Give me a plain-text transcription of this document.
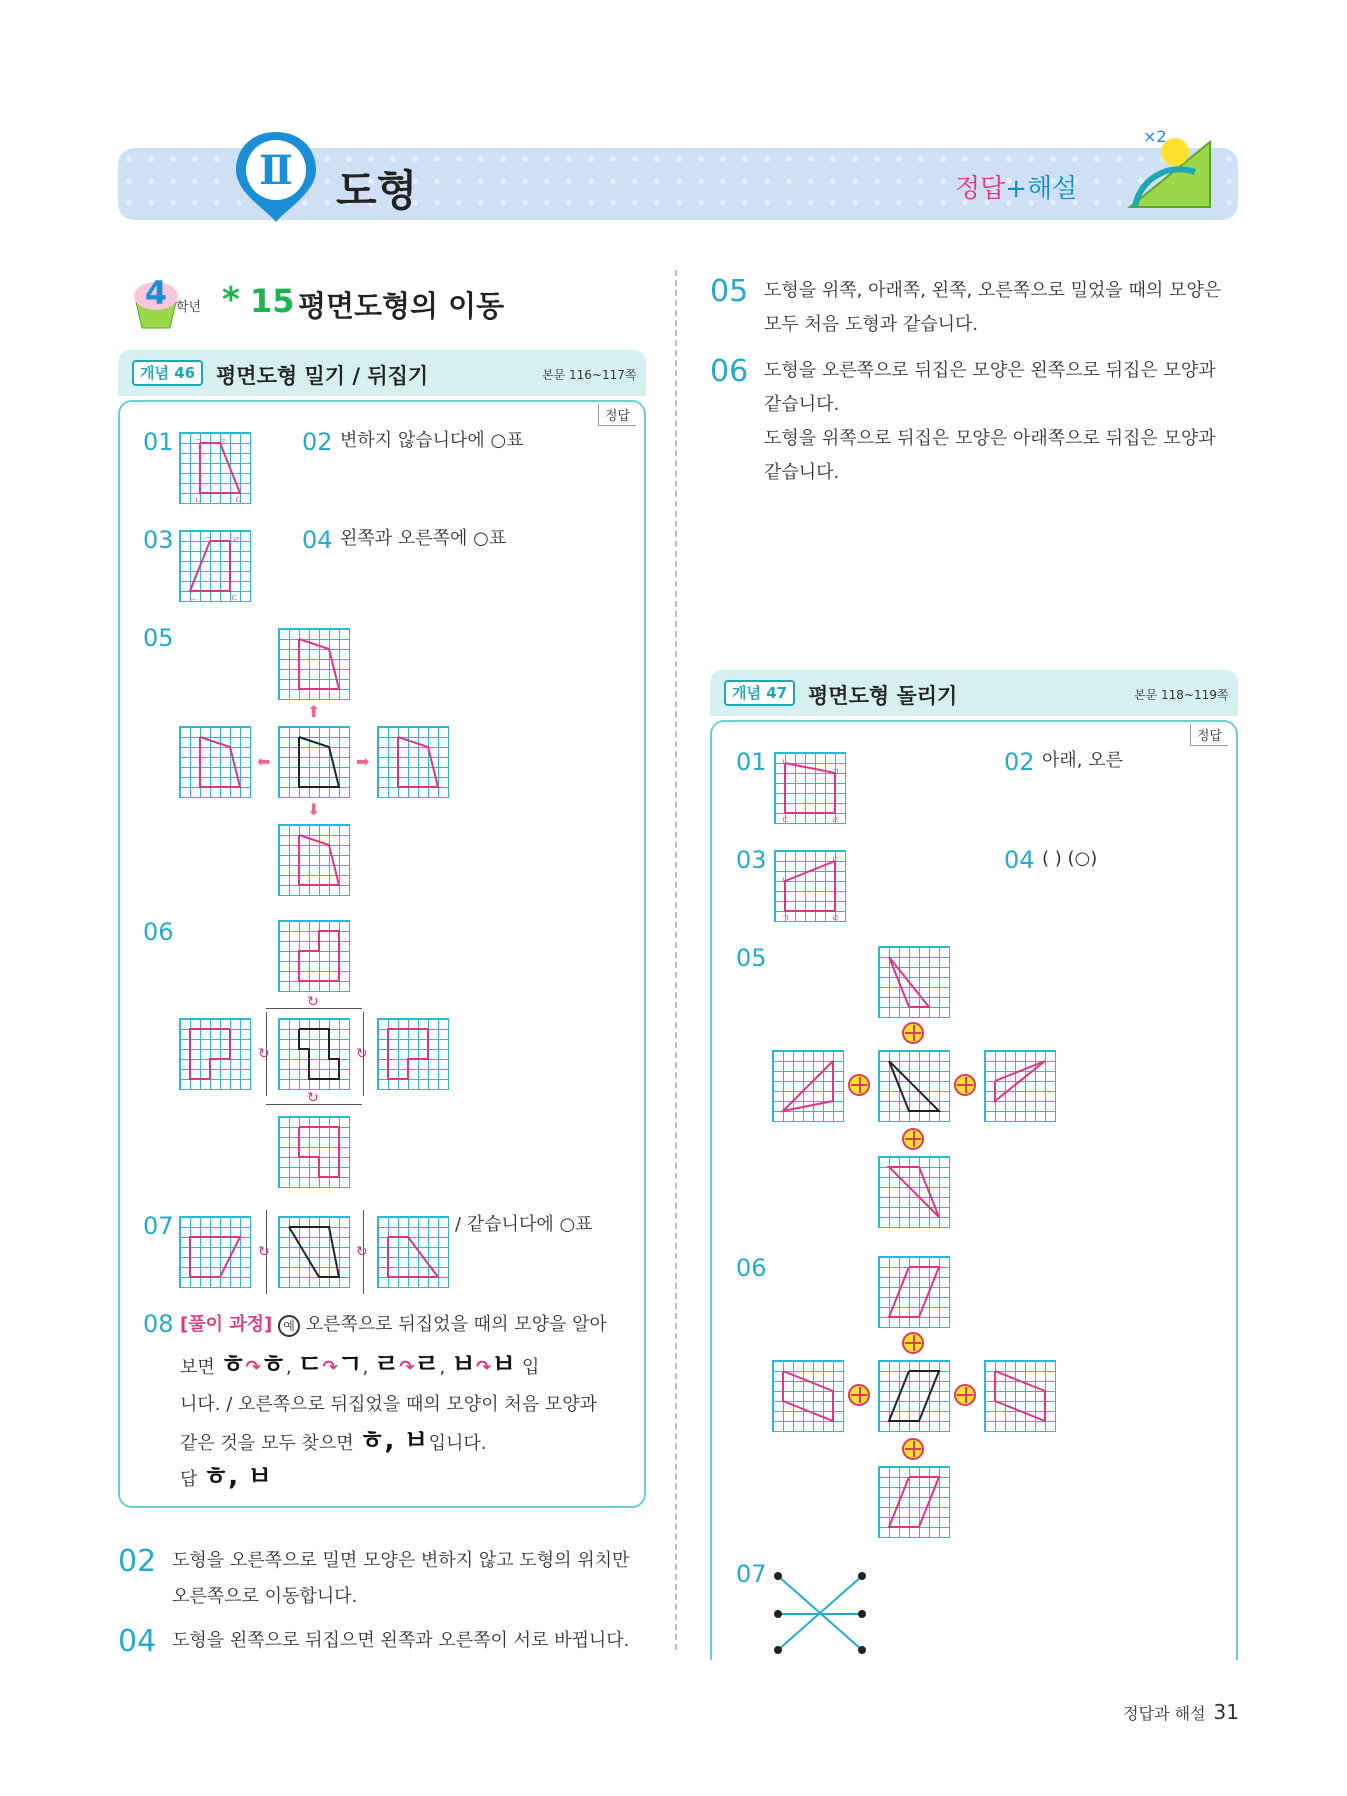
Ⅱ 도형	정답+해설
×2
4 학년 * 15 평면도형의 이동
개념 46 평면도형 밀기 / 뒤집기	본문 116~117쪽
정답
01 ㄱ ㄹ
ㄴ	ㄷ
02 변하지 않습니다에 ○표
03	ㄱ ㄹ
ㄴ	ㄷ
04 왼쪽과 오른쪽에 ○표
05
⬆
⬅	➡
⬇
06
↻
↻	↻
↻
07
↻	↻
/ 같습니다에 ○표
08 [풀이 과정] 예 오른쪽으로 뒤집었을 때의 모양을 알아
보면 ㅎ↷ㅎ, ㄷ↷ㄱ, ㄹ↷ㄹ, ㅂ↷ㅂ 입
니다. / 오른쪽으로 뒤집었을 때의 모양이 처음 모양과
같은 것을 모두 찾으면 ㅎ, ㅂ입니다.
답 ㅎ, ㅂ
02 도형을 오른쪽으로 밀면 모양은 변하지 않고 도형의 위치만
오른쪽으로 이동합니다.
04 도형을 왼쪽으로 뒤집으면 왼쪽과 오른쪽이 서로 바뀝니다.
05 도형을 위쪽, 아래쪽, 왼쪽, 오른쪽으로 밀었을 때의 모양은
모두 처음 도형과 같습니다.
06 도형을 오른쪽으로 뒤집은 모양은 왼쪽으로 뒤집은 모양과
같습니다.
도형을 위쪽으로 뒤집은 모양은 아래쪽으로 뒤집은 모양과
같습니다.
개념 47 평면도형 돌리기	본문 118~119쪽
정답
01 ㄴ
ㄱ
ㄷ	ㄹ
02 아래, 오른
03	ㄷ
ㄹ
ㄱ
ㄴ
04 ( ) (○)
05
06
07
정답과 해설 31
